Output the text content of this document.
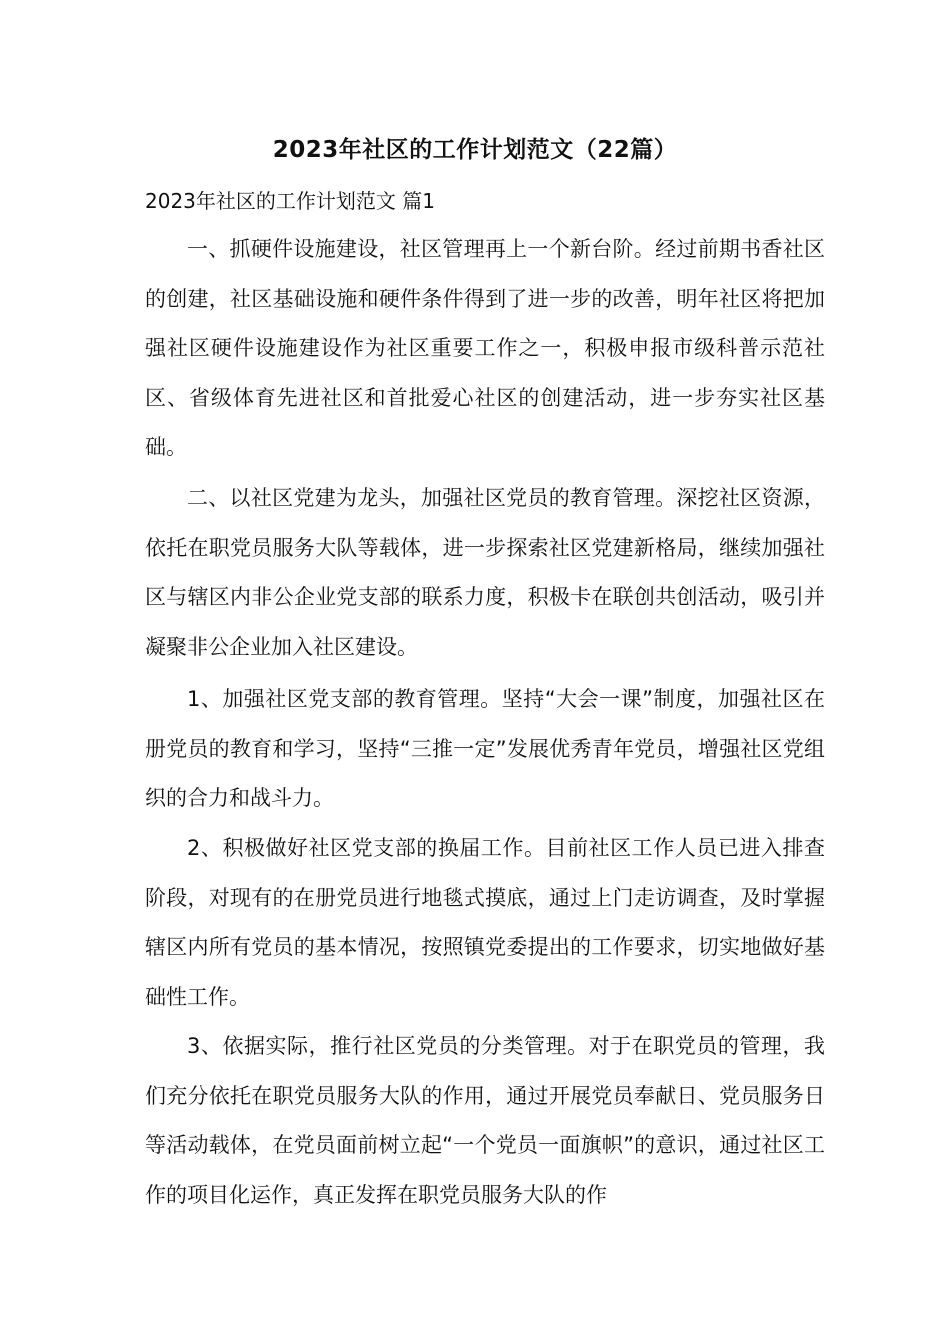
2023年社区的工作计划范文（22篇）
2023年社区的工作计划范文 篇1

一、抓硬件设施建设，社区管理再上一个新台阶。经过前期书香社区的创建，社区基础设施和硬件条件得到了进一步的改善，明年社区将把加强社区硬件设施建设作为社区重要工作之一，积极申报市级科普示范社区、省级体育先进社区和首批爱心社区的创建活动，进一步夯实社区基础。

二、以社区党建为龙头，加强社区党员的教育管理。深挖社区资源，依托在职党员服务大队等载体，进一步探索社区党建新格局，继续加强社区与辖区内非公企业党支部的联系力度，积极卡在联创共创活动，吸引并凝聚非公企业加入社区建设。

1、加强社区党支部的教育管理。坚持“大会一课”制度，加强社区在册党员的教育和学习，坚持“三推一定”发展优秀青年党员，增强社区党组织的合力和战斗力。

2、积极做好社区党支部的换届工作。目前社区工作人员已进入排查阶段，对现有的在册党员进行地毯式摸底，通过上门走访调查，及时掌握辖区内所有党员的基本情况，按照镇党委提出的工作要求，切实地做好基础性工作。

3、依据实际，推行社区党员的分类管理。对于在职党员的管理，我们充分依托在职党员服务大队的作用，通过开展党员奉献日、党员服务日等活动载体，在党员面前树立起“一个党员一面旗帜”的意识，通过社区工作的项目化运作，真正发挥在职党员服务大队的作
